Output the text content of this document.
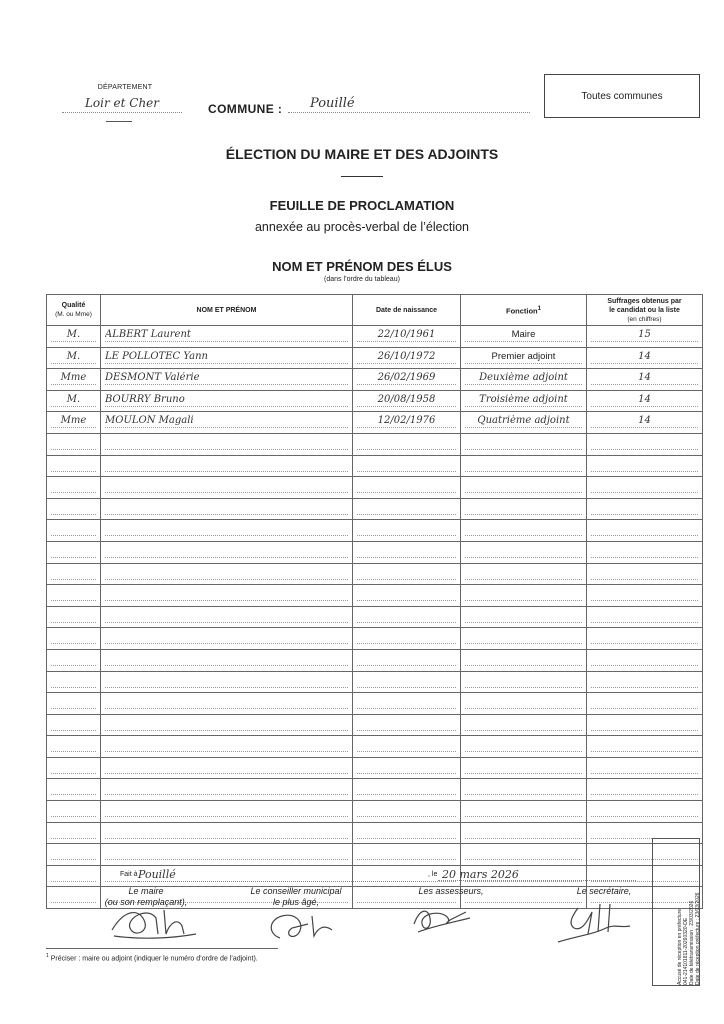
DÉPARTEMENT
Loir et Cher	COMMUNE :	Pouillé	Toutes communes
ÉLECTION DU MAIRE ET DES ADJOINTS
FEUILLE DE PROCLAMATION
annexée au procès-verbal de l’élection
NOM ET PRÉNOM DES ÉLUS
(dans l’ordre du tableau)
Qualité
(M. ou Mme)	NOM ET PRÉNOM	Date de naissance	Fonction$^1$	Suffrages obtenus par
le candidat ou la liste
(en chiffres)

M.	ALBERT Laurent	22/10/1961	Maire	15

M.	LE POLLOTEC Yann	26/10/1972	Premier adjoint	14

Mme	DESMONT Valérie	26/02/1969	Deuxième adjoint	14

M.	BOURRY Bruno	20/08/1958	Troisième adjoint	14

Mme	MOULON Magali	12/02/1976	Quatrième adjoint	14

Fait à Pouillé	, le 20 mars 2026
Le maire
(ou son remplaçant),
Le conseiller municipal
le plus âgé,
Les assesseurs,	Le secrétaire,
$^1$ Préciser : maire ou adjoint (indiquer le numéro d’ordre de l’adjoint).	Accusé de réception en préfecture 041-214101811-20260320-DE Date de télétransmission : 23/03/2026 Date de réception préfecture : 23/03/2026
